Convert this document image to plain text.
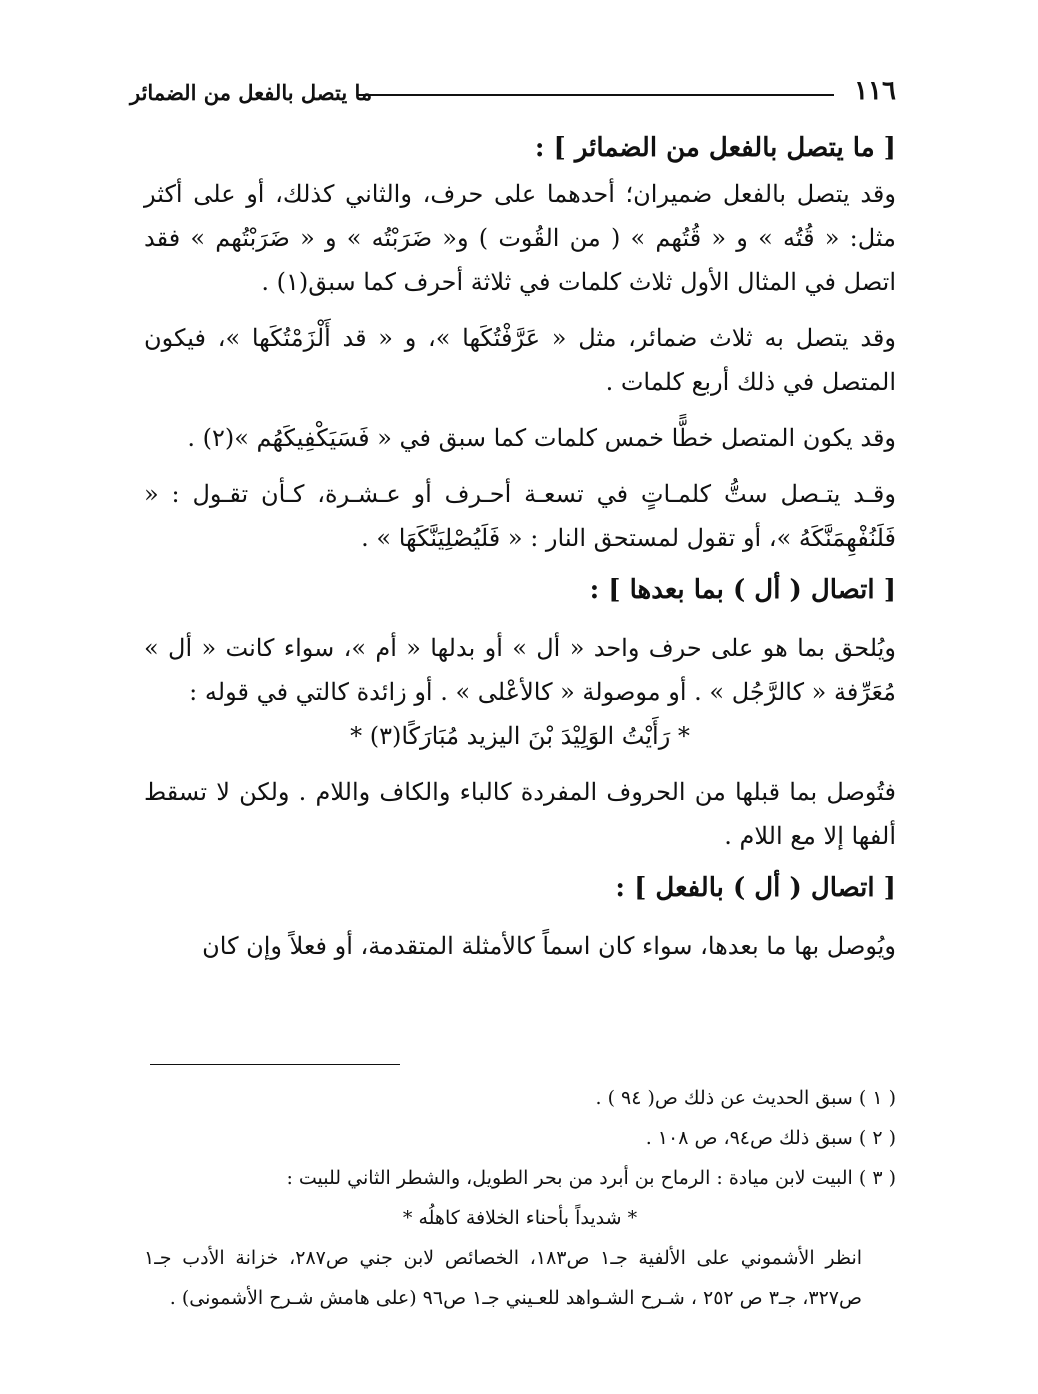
١١٦
ما يتصل بالفعل من الضمائر
[ ما يتصل بالفعل من الضمائر ] :

وقد يتصل بالفعل ضميران؛ أحدهما على حرف، والثاني كذلك، أو على أكثر مثل: « قُتُه » و « قُتُهم » ( من القُوت ) و« ضَرَبْتُه » و « ضَرَبْتُهم » فقد اتصل في المثال الأول ثلاث كلمات في ثلاثة أحرف كما سبق(١) .

وقد يتصل به ثلاث ضمائر، مثل « عَرَّفْتُكَها »، و « قد أَلْزَمْتُكَها »، فيكون المتصل في ذلك أربع كلمات .

وقد يكون المتصل خطًّا خمس كلمات كما سبق في « فَسَيَكْفِيكَهُم »(٢) .

وقـد يتـصل ستُّ كلمـاتٍ في تسعـة أحـرف أو عـشـرة، كـأن تقـول : « فَلَنُفْهِمَنَّكَهُ »، أو تقول لمستحق النار : « فَلَيُصْلِيَنَّكَهَا » .

[ اتصال ( أل ) بما بعدها ] :

ويُلحق بما هو على حرف واحد « أل » أو بدلها « أم »، سواء كانت « أل » مُعَرِّفة « كالرَّجُل » . أو موصولة « كالأعْلى » . أو زائدة كالتي في قوله :

* رَأَيْتُ الوَلِيْدَ بْنَ اليزيد مُبَارَكًا(٣) *

فتُوصل بما قبلها من الحروف المفردة كالباء والكاف واللام . ولكن لا تسقط ألفها إلا مع اللام .

[ اتصال ( أل ) بالفعل ] :

ويُوصل بها ما بعدها، سواء كان اسماً كالأمثلة المتقدمة، أو فعلاً وإن كان

( ١ ) سبق الحديث عن ذلك ص( ٩٤ ) .

( ٢ ) سبق ذلك ص٩٤، ص ١٠٨ .

( ٣ ) البيت لابن ميادة : الرماح بن أبرد من بحر الطويل، والشطر الثاني للبيت :

* شديداً بأحناء الخلافة كاهلُه *

انظر الأشموني على الألفية جـ١ ص١٨٣، الخصائص لابن جني ص٢٨٧، خزانة الأدب جـ١ ص٣٢٧، جـ٣ ص ٢٥٢ ، شـرح الشـواهد للعـيني جـ١ ص٩٦ (على هامش شـرح الأشمونى) .
